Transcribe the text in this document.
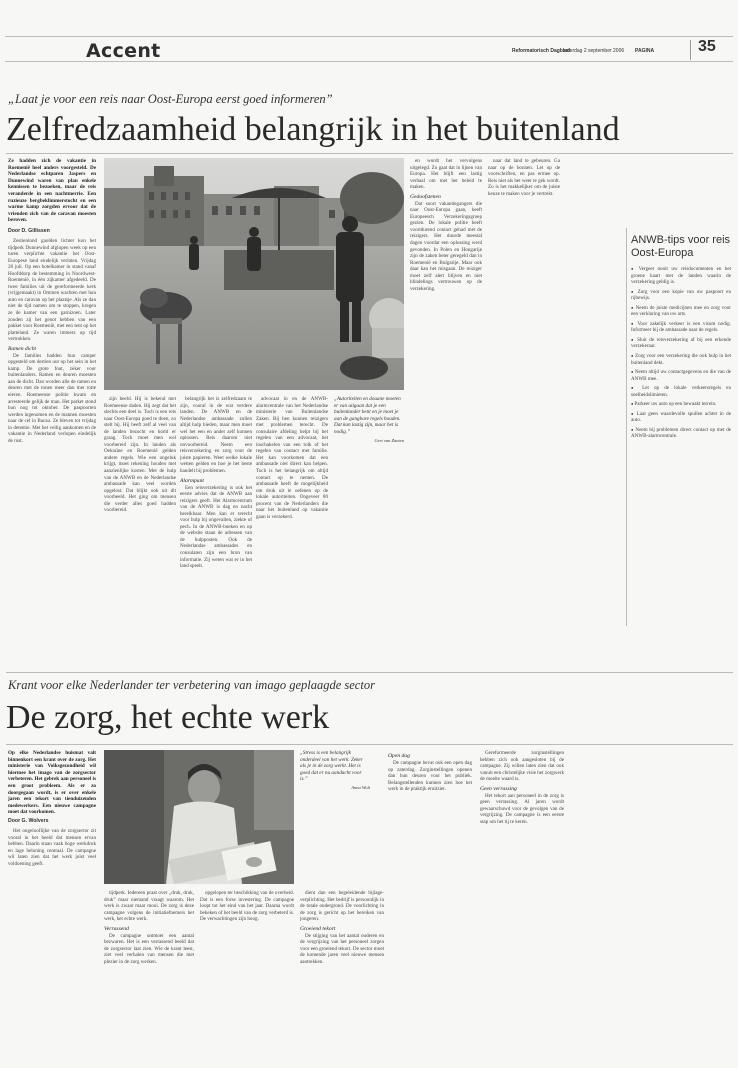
Accent	Reformatorisch Dagblad
zaterdag 2 september 2006 PAGINA	35
„Laat je voor een reis naar Oost-Europa eerst goed informeren”
Zelfredzaamheid belangrijk in het buitenland
Ze hadden zich de vakantie in Roemenië heel anders voorgesteld. De Nederlandse echtparen Jaspers en Dunnewind waren van plan enkele kennissen te bezoeken, maar de reis veranderde in een nachtmerrie. Een ruzieuze bergbeklimmerstocht en een warme kamp zorgden ervoor dat de vrienden zich van de caravan moesten beroven.
Door D. Gillissen

Zestieninnd gaolden lichter kon het tijdperk Dunnewind afglopen week op een turen verplichte vakantie het Oost-Europese land eindelijk verlaten. Vrijdag 28 juli. Op een hotelkamer in stand vanaf Hoofddorp de bestemming in Noordwest-Roemenië, in één zijkamer afgedeeld. De twee families uit de gereformeerde kerk (vrijgemaakt) in Ommen wachten met hun auto en caravan op het plaatsje. Als ze dan niet de tijd namen om te stoppen, kregen ze de kamer van een garnizoen. Later zouden zij het genot hebben van een pakket voor Roemenië, met een tent op het platteland. Ze waren immers op tijd vertrokken.

Ramen dicht

De families hadden hun camper opgesteld om dertien uur op het sein in het kamp. De grote fout, zeker voor buitenlanders. Ramen en deuren moesten aan de dicht. Dan worden alle de ramen en deuren met de tonen meer dan met rotte eieren. Roemeense politie kwam en arresteerde gelijk de man. Het parket stond hun nog tot oktober. De paspoorten werden ingenomen en de mannen moesten naar de cel in Bacau. Ze bleven tot vrijdag in detentie. Met het veilig aankomen en de vakantie in Nederland verlopen eindelijk de rust.

zijn beeld. Hij is bekend met Roemeense daden. Hij zegt dat het slechts een deel is. Toch is een reis naar Oost-Europa goed te doen, zo stelt hij. Hij heeft zelf al veel van de landen bezocht en komt er graag. Toch moet men wel voorbereid zijn. In landen als Oekraïne en Roemenië gelden andere regels. Wie een ongeluk krijgt, moet rekening houden met aanzienlijke kosten. Met de hulp van de ANWB en de Nederlandse ambassade kan veel worden opgelost. Dat blijkt ook uit dit voorbeeld. Het ging om mensen die verder alles goed hadden voorbereid.

belangrijk het is zelfredzaam te zijn, vooral in de wat verdere landen. De ANWB en de Nederlandse ambassade zullen altijd hulp bieden, maar men moet wel het een en ander zelf kunnen oplossen. Reis daarom niet onvoorbereid. Neem een reisverzekering en zorg voor de juiste papieren. Weet welke lokale wetten gelden en hoe je het beste handelt bij problemen.

Alarmpunt

Een reisverzekering is ook het eerste advies dat de ANWB aan reizigers geeft. Het Alarmcentrum van de ANWB is dag en nacht bereikbaar. Men kan er terecht voor hulp bij ongevallen, ziekte of pech. In de ANWB-boeken en op de website staan de adressen van de hulpposten. Ook de Nederlandse ambassades en consulaten zijn een bron van informatie. Zij weten wat er in het land speelt.

advocaat in en de ANWB-alarmcentrale van het Nederlandse ministerie van Buitenlandse Zaken. Bij hen kunnen reizigers met problemen terecht. De consulaire afdeling helpt bij het regelen van een advocaat, het inschakelen van een tolk of het regelen van contact met familie. Het kan voorkomen dat een ambassade niet direct kan helpen. Toch is het belangrijk om altijd contact op te nemen. De ambassade heeft de mogelijkheid om druk uit te oefenen op de lokale autoriteiten. Ongeveer 80 procent van de Nederlanders die naar het buitenland op vakantie gaan is verzekerd.

„Autoriteiten en douane moeten er van uitgaan dat je een buitenlander bent en je moet je aan de gangbare regels houden. Dat kan lastig zijn, maar het is nodig.”
Gert van Zanten

en wordt het vervolgens uitgelegd. Zo gaat dat in lijnen van Europa. Het blijft een lastig verhaal om met het beleid te maken.

Gedoofstenen

Dat soort vakantiegangers die naar Oost-Europa gaan, heeft Europeesch Verzekeringsgroep gezien. De lokale politie heeft voortdurend contact gehad met de reizigers. Het duurde meestal dagen voordat een oplossing werd gevonden. In Polen en Hongarije zijn de zaken beter geregeld dan in Roemenië en Bulgarije. Maar ook daar kan het misgaan. De reiziger moet zelf alert blijven en niet blindelings vertrouwen op de verzekering.

naar dat land te gebeuren. Ga naar op de bonnen. Let op de voorschriften, en pas ermee op. Reis niet als het weer te gek wordt. Zo is het makkelijker om de juiste keuze te maken voor je vertrekt.

ANWB-tips voor reis Oost-Europa
● Vergeet nooit uw reisdocumenten en het groene kaart met de landen waarin de verzekering geldig is.
● Zorg voor een kopie van uw paspoort en rijbewijs.
● Neem de juiste medicijnen mee en zorg voor een verklaring van uw arts.
● Voor zakelijk verkeer is een visum nodig. Informeer bij de ambassade naar de regels.
● Sluit de reisverzekering af bij een erkende verzekeraar.
● Zorg voor een verzekering die ook hulp in het buitenland dekt.
● Neem altijd uw contactgegevens en die van de ANWB mee.
● Let op de lokale verkeersregels en snelheidslimieten.
● Parkeer uw auto op een bewaakt terrein.
● Laat geen waardevolle spullen achter in de auto.
● Neem bij problemen direct contact op met de ANWB-alarmcentrale.
Krant voor elke Nederlander ter verbetering van imago geplaagde sector
De zorg, het echte werk
Op elke Nederlandse huismat valt binnenkort een krant over de zorg. Het ministerie van Volksgezondheid wil hiermee het imago van de zorgsector verbeteren. Het gebrek aan personeel is een groot probleem. Als er zo doorgegaan wordt, is er over enkele jaren een tekort van tienduizenden medewerkers. Een nieuwe campagne moet dat voorkomen.
Door G. Wolvers

Het ongelooflijke van de zorgsector zit vooral in het beeld dat mensen ervan hebben. Daarin staan vaak hoge werkdruk en lage beloning centraal. De campagne wil laten zien dat het werk juist veel voldoening geeft.

„Stress is een belangrijk onderdeel van het werk. Zeker als je in de zorg werkt. Het is goed dat er nu aandacht voor is.”
Anna Wolt

tijdperk. Iedereen praat over „druk, druk, druk” maar niemand vraagt waarom. Het werk is zwaar maar mooi. De zorg is deze campagne volgens de initiatiefnemers het werk, het echte werk.

Verrassend

De campagne ontmoet een aantal bezwaren. Het is een verrassend beeld dat de zorgsector laat zien. Wie de krant leest, ziet veel verhalen van mensen die met plezier in de zorg werken.

opgelopen ter beschikking van de overheid. Dat is een forse investering. De campagne loopt tot het eind van het jaar. Daarna wordt bekeken of het beeld van de zorg verbeterd is. De verwachtingen zijn hoog.

dient dan een begeleidende bijlage-verplichting. Het bedrijf is persoonlijk in de totale ondergrond. De voorlichting in de zorg is gericht op het bereiken van jongeren.

Groeiend tekort

De stijging van het aantal ouderen en de vergrijzing van het personeel zorgen voor een groeiend tekort. De sector moet de komende jaren veel nieuwe mensen aantrekken.

Open dag

De campagne bevat ook een open dag op zaterdag. Zorginstellingen openen dan hun deuren voor het publiek. Belangstellenden kunnen zien hoe het werk in de praktijk eruitziet.

Gereformeerde zorginstellingen hebben zich ook aangesloten bij de campagne. Zij willen laten zien dat ook vanuit een christelijke visie het zorgwerk de moeite waard is.

Geen verrassing

Het tekort aan personeel in de zorg is geen verrassing. Al jaren wordt gewaarschuwd voor de gevolgen van de vergrijzing. De campagne is een eerste stap om het tij te keren.
